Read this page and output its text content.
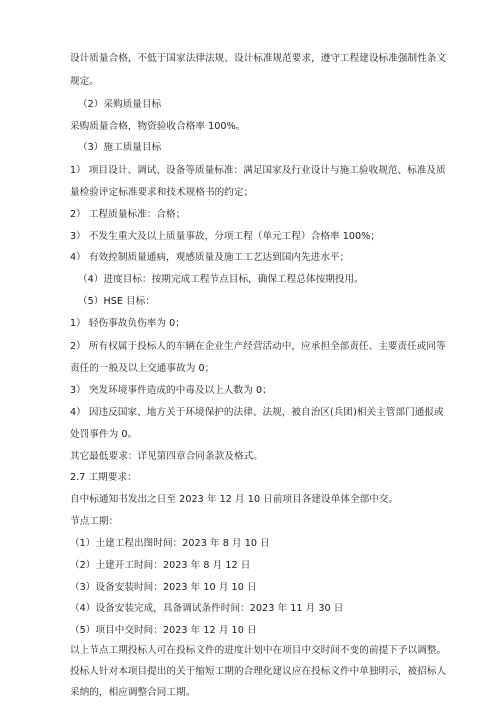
设计质量合格，不低于国家法律法规、设计标准规范要求，遵守工程建设标准强制性条文
规定。
（2）采购质量目标
采购质量合格，物资验收合格率 100%。
（3）施工质量目标
1） 项目设计、调试、设备等质量标准：满足国家及行业设计与施工验收规范、标准及质
量检验评定标准要求和技术规格书的约定；
2） 工程质量标准：合格；
3） 不发生重大及以上质量事故，分项工程（单元工程）合格率 100%；
4） 有效控制质量通病，观感质量及施工工艺达到国内先进水平；
（4）进度目标：按期完成工程节点目标，确保工程总体按期投用。
（5）HSE 目标：
1） 轻伤事故负伤率为 0；
2） 所有权属于投标人的车辆在企业生产经营活动中，应承担全部责任、主要责任或同等
责任的一般及以上交通事故为 0；
3） 突发环境事件造成的中毒及以上人数为 0；
4） 因违反国家、地方关于环境保护的法律、法规，被自治区(兵团)相关主管部门通报或
处罚事件为 0。
其它最低要求：详见第四章合同条款及格式。
2.7 工期要求：
自中标通知书发出之日至 2023 年 12 月 10 日前项目各建设单体全部中交。
节点工期：
（1）土建工程出图时间：2023 年 8 月 10 日
（2）土建开工时间：2023 年 8 月 12 日
（3）设备安装时间：2023 年 10 月 10 日
（4）设备安装完成，具备调试条件时间：2023 年 11 月 30 日
（5）项目中交时间：2023 年 12 月 10 日
以上节点工期投标人可在投标文件的进度计划中在项目中交时间不变的前提下予以调整。
投标人针对本项目提出的关于缩短工期的合理化建议应在投标文件中单独明示，被招标人
采纳的，相应调整合同工期。
